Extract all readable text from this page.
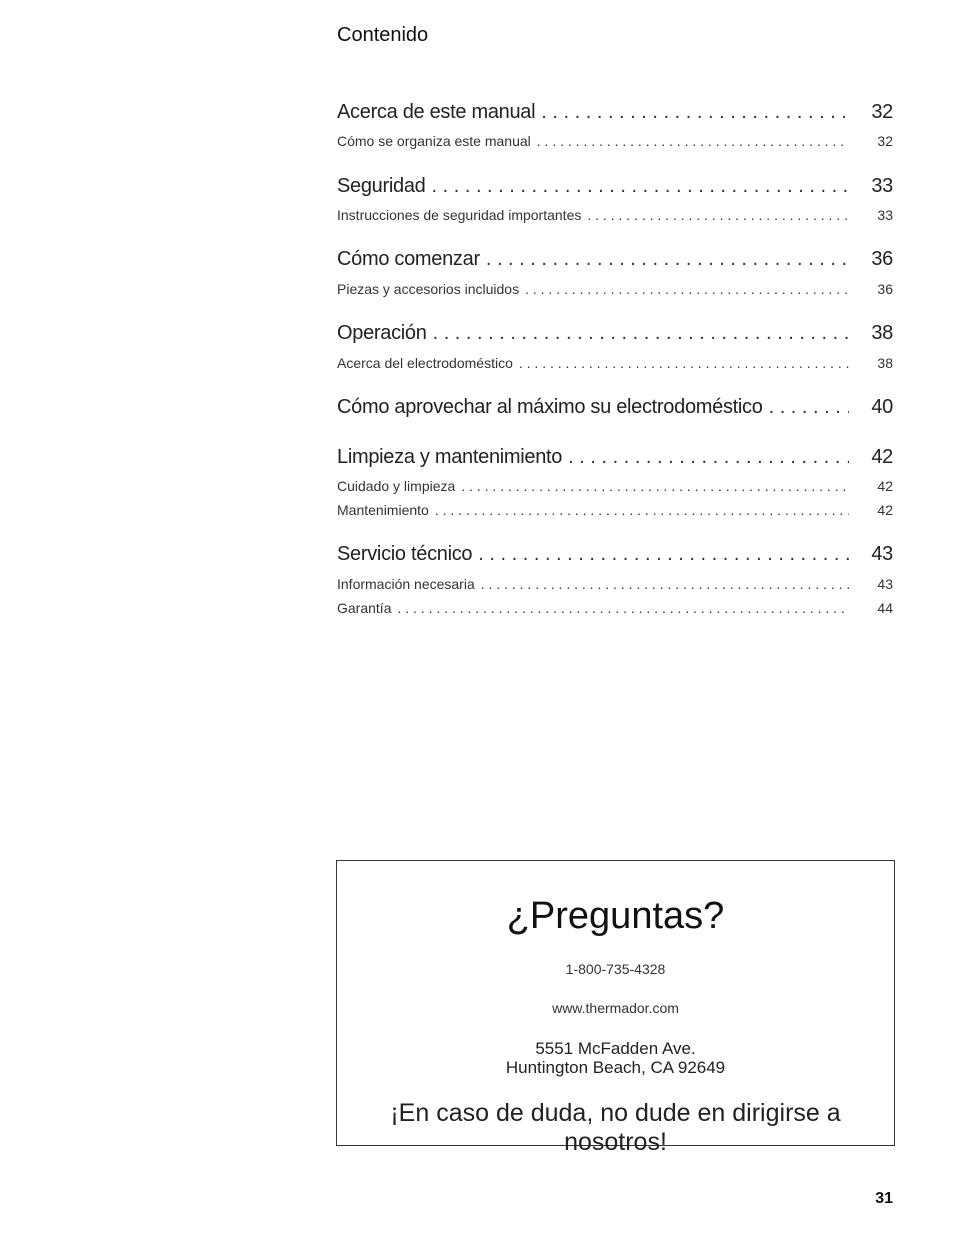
Contenido
Acerca de este manual . . .	32
Cómo se organiza este manual . . .	32
Seguridad . . .	33
Instrucciones de seguridad importantes . . .	33
Cómo comenzar . . .	36
Piezas y accesorios incluidos . . .	36
Operación . . .	38
Acerca del electrodoméstico . . .	38
Cómo aprovechar al máximo su electrodoméstico . . .	40
Limpieza y mantenimiento . . .	42
Cuidado y limpieza . . .	42
Mantenimiento . . .	42
Servicio técnico . . .	43
Información necesaria . . .	43
Garantía . . .	44
¿Preguntas?
1-800-735-4328
www.thermador.com
5551 McFadden Ave.
Huntington Beach, CA 92649
¡En caso de duda, no dude en dirigirse a nosotros!
31
